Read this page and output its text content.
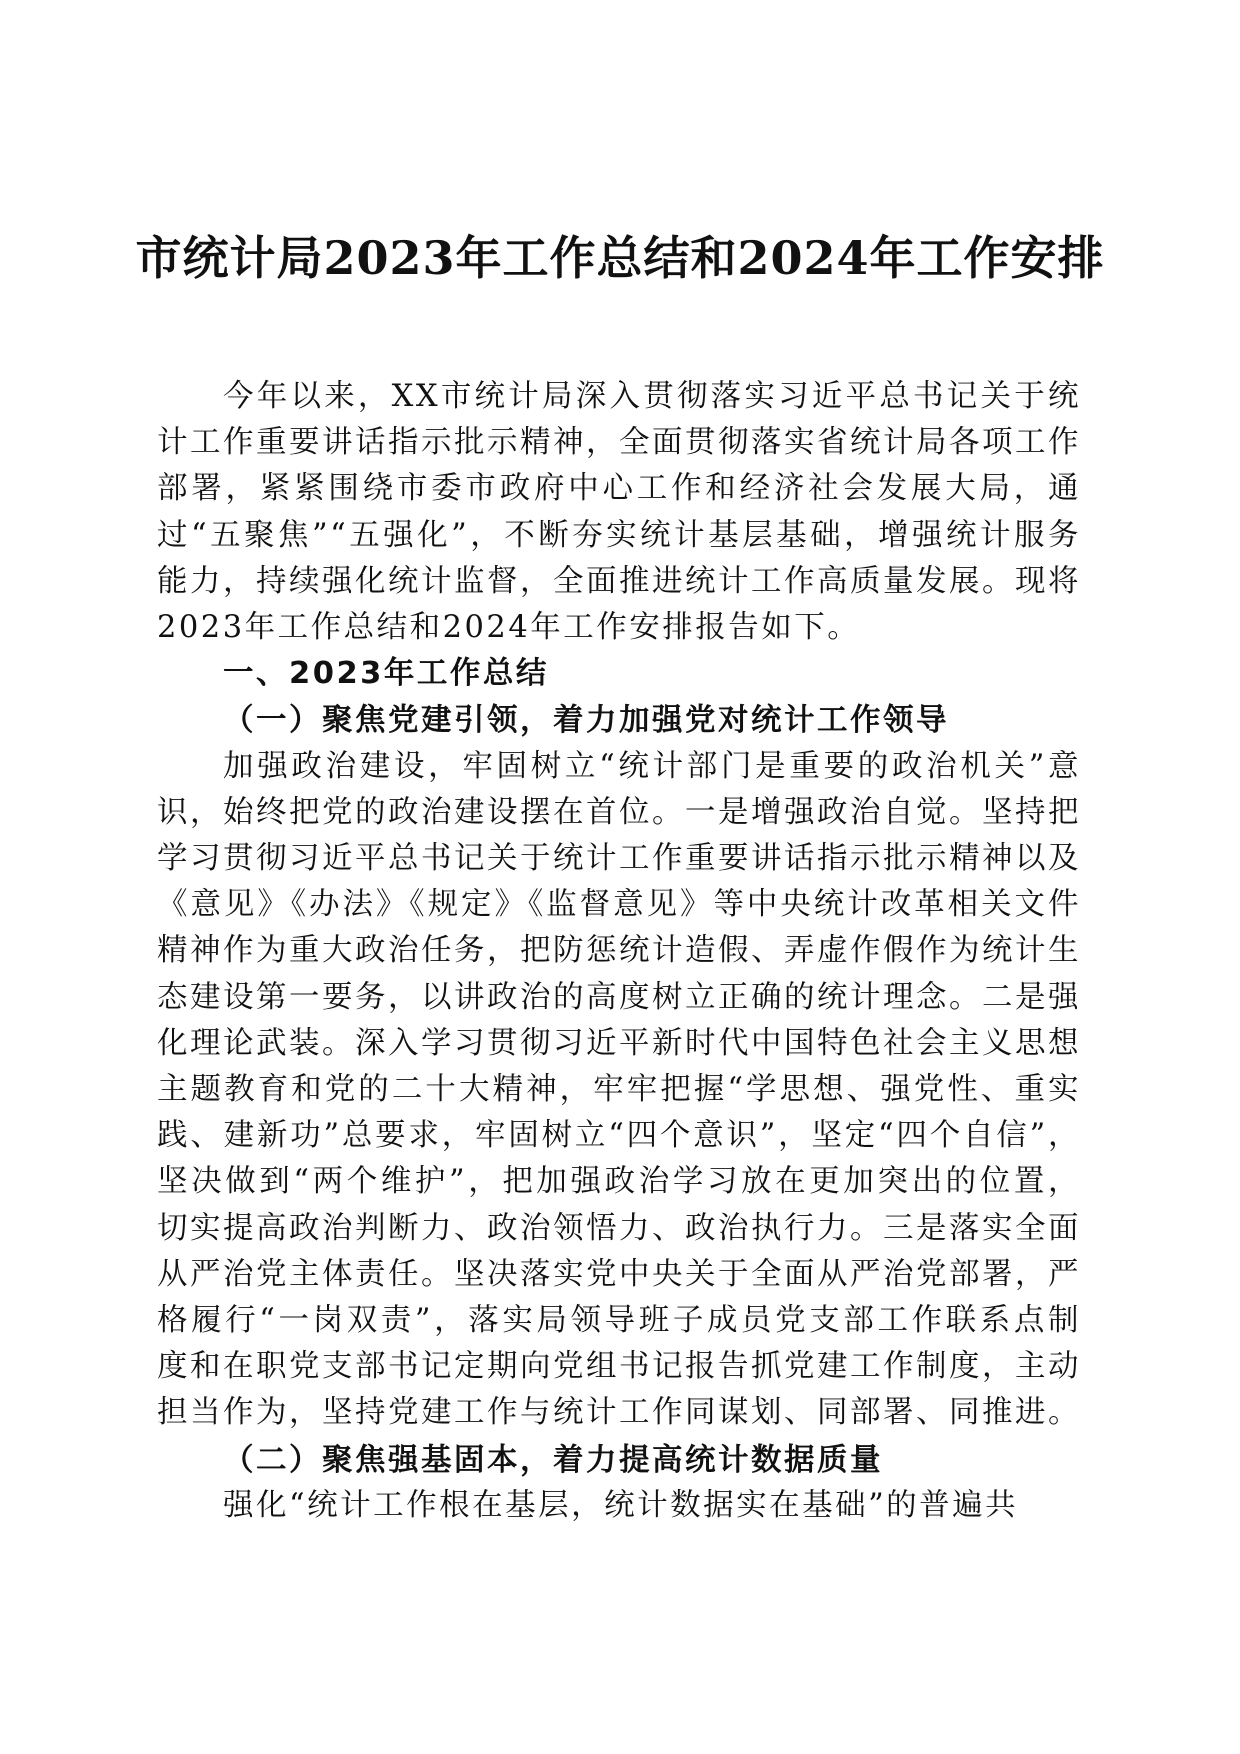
市统计局2023年工作总结和2024年工作安排

今年以来，XX市统计局深入贯彻落实习近平总书记关于统计工作重要讲话指示批示精神，全面贯彻落实省统计局各项工作部署，紧紧围绕市委市政府中心工作和经济社会发展大局，通过“五聚焦”“五强化”，不断夯实统计基层基础，增强统计服务能力，持续强化统计监督，全面推进统计工作高质量发展。现将2023年工作总结和2024年工作安排报告如下。

一、2023年工作总结

（一）聚焦党建引领，着力加强党对统计工作领导

加强政治建设，牢固树立“统计部门是重要的政治机关”意识，始终把党的政治建设摆在首位。一是增强政治自觉。坚持把学习贯彻习近平总书记关于统计工作重要讲话指示批示精神以及《意见》《办法》《规定》《监督意见》等中央统计改革相关文件精神作为重大政治任务，把防惩统计造假、弄虚作假作为统计生态建设第一要务，以讲政治的高度树立正确的统计理念。二是强化理论武装。深入学习贯彻习近平新时代中国特色社会主义思想主题教育和党的二十大精神，牢牢把握“学思想、强党性、重实践、建新功”总要求，牢固树立“四个意识”，坚定“四个自信”，坚决做到“两个维护”，把加强政治学习放在更加突出的位置，切实提高政治判断力、政治领悟力、政治执行力。三是落实全面从严治党主体责任。坚决落实党中央关于全面从严治党部署，严格履行“一岗双责”，落实局领导班子成员党支部工作联系点制度和在职党支部书记定期向党组书记报告抓党建工作制度，主动担当作为，坚持党建工作与统计工作同谋划、同部署、同推进。

（二）聚焦强基固本，着力提高统计数据质量

强化“统计工作根在基层，统计数据实在基础”的普遍共
